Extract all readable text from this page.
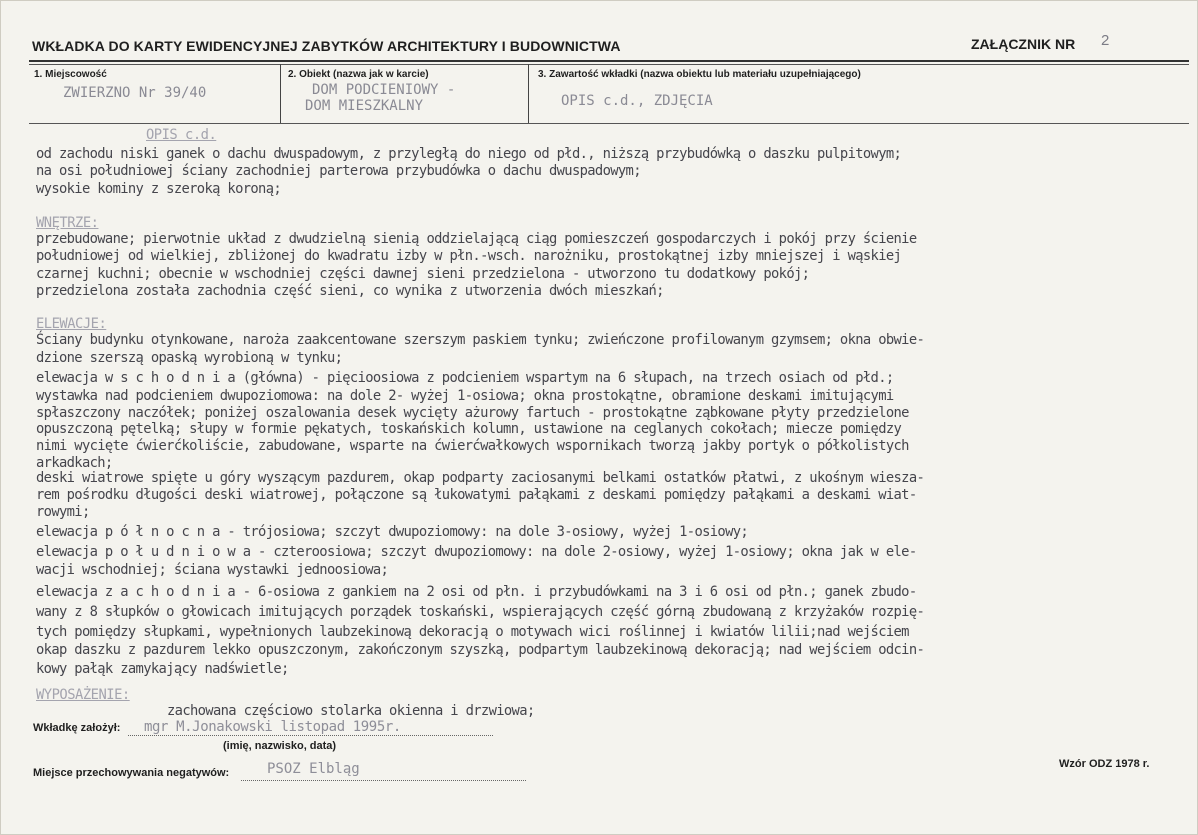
WKŁADKA DO KARTY EWIDENCYJNEJ ZABYTKÓW ARCHITEKTURY I BUDOWNICTWA	ZAŁĄCZNIK NR 2
1. Miejscowość
ZWIERZNO Nr 39/40
2. Obiekt (nazwa jak w karcie)
DOM PODCIENIOWY -
DOM MIESZKALNY
3. Zawartość wkładki (nazwa obiektu lub materiału uzupełniającego)
OPIS c.d., ZDJĘCIA
OPIS c.d.
od zachodu niski ganek o dachu dwuspadowym, z przyległą do niego od płd., niższą przybudówką o daszku pulpitowym;
na osi południowej ściany zachodniej parterowa przybudówka o dachu dwuspadowym;
wysokie kominy z szeroką koroną;
WNĘTRZE:
przebudowane; pierwotnie układ z dwudzielną sienią oddzielającą ciąg pomieszczeń gospodarczych i pokój przy ścienie
południowej od wielkiej, zbliżonej do kwadratu izby w płn.-wsch. narożniku, prostokątnej izby mniejszej i wąskiej
czarnej kuchni; obecnie w wschodniej części dawnej sieni przedzielona - utworzono tu dodatkowy pokój;
przedzielona została zachodnia część sieni, co wynika z utworzenia dwóch mieszkań;
ELEWACJE:
Ściany budynku otynkowane, naroża zaakcentowane szerszym paskiem tynku; zwieńczone profilowanym gzymsem; okna obwie-
dzione szerszą opaską wyrobioną w tynku;
elewacja w s c h o d n i a (główna) - pięcioosiowa z podcieniem wspartym na 6 słupach, na trzech osiach od płd.;
wystawka nad podcieniem dwupoziomowa: na dole 2- wyżej 1-osiowa; okna prostokątne, obramione deskami imitującymi
spłaszczony naczółek; poniżej oszalowania desek wycięty ażurowy fartuch - prostokątne ząbkowane płyty przedzielone
opuszczoną pętelką; słupy w formie pękatych, toskańskich kolumn, ustawione na ceglanych cokołach; miecze pomiędzy
nimi wycięte ćwierćkoliście, zabudowane, wsparte na ćwierćwałkowych wspornikach tworzą jakby portyk o półkolistych
arkadkach;
deski wiatrowe spięte u góry wyszącym pazdurem, okap podparty zaciosanymi belkami ostatków płatwi, z ukośnym wiesza-
rem pośrodku długości deski wiatrowej, połączone są łukowatymi pałąkami z deskami pomiędzy pałąkami a deskami wiat-
rowymi;
elewacja p ó ł n o c n a - trójosiowa; szczyt dwupoziomowy: na dole 3-osiowy, wyżej 1-osiowy;
elewacja p o ł u d n i o w a - czteroosiowa; szczyt dwupoziomowy: na dole 2-osiowy, wyżej 1-osiowy; okna jak w ele-
wacji wschodniej; ściana wystawki jednoosiowa;
elewacja z a c h o d n i a - 6-osiowa z gankiem na 2 osi od płn. i przybudówkami na 3 i 6 osi od płn.; ganek zbudo-
wany z 8 słupków o głowicach imitujących porządek toskański, wspierających część górną zbudowaną z krzyżaków rozpię-
tych pomiędzy słupkami, wypełnionych laubzekinową dekoracją o motywach wici roślinnej i kwiatów lilii;nad wejściem
okap daszku z pazdurem lekko opuszczonym, zakończonym szyszką, podpartym laubzekinową dekoracją; nad wejściem odcin-
kowy pałąk zamykający nadświetle;
WYPOSAŻENIE:
zachowana częściowo stolarka okienna i drzwiowa;
Wkładkę założył: mgr M.Jonakowski listopad 1995r.
(imię, nazwisko, data)
Miejsce przechowywania negatywów:	PSOZ Elbląg	Wzór ODZ 1978 r.
